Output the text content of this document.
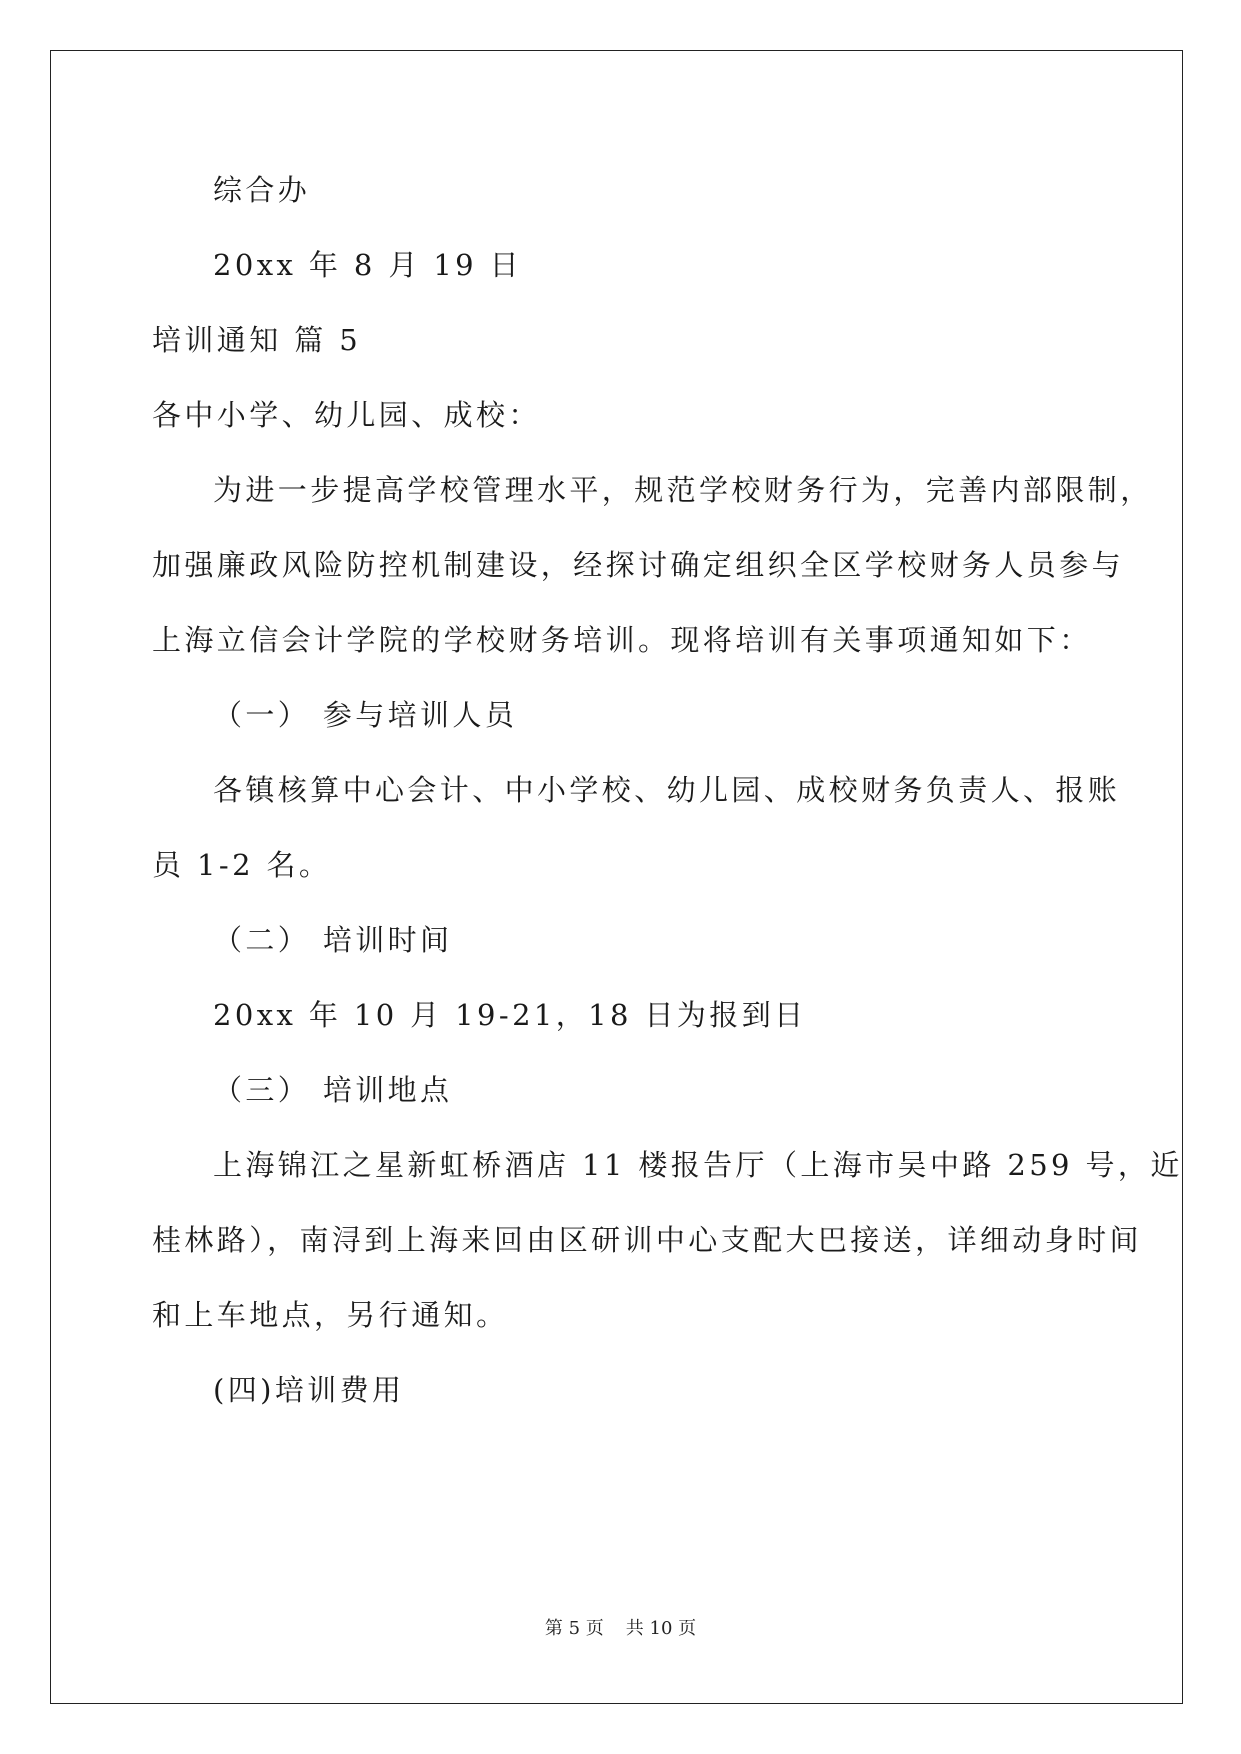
综合办

20xx 年 8 月 19 日

培训通知 篇 5

各中小学、幼儿园、成校：

为进一步提高学校管理水平，规范学校财务行为，完善内部限制，

加强廉政风险防控机制建设，经探讨确定组织全区学校财务人员参与

上海立信会计学院的学校财务培训。现将培训有关事项通知如下：

（一） 参与培训人员

各镇核算中心会计、中小学校、幼儿园、成校财务负责人、报账

员 1-2 名。

（二） 培训时间

20xx 年 10 月 19-21，18 日为报到日

（三） 培训地点

上海锦江之星新虹桥酒店 11 楼报告厅（上海市吴中路 259 号，近

桂林路），南浔到上海来回由区研训中心支配大巴接送，详细动身时间

和上车地点，另行通知。

(四)培训费用

第 5 页 共 10 页
